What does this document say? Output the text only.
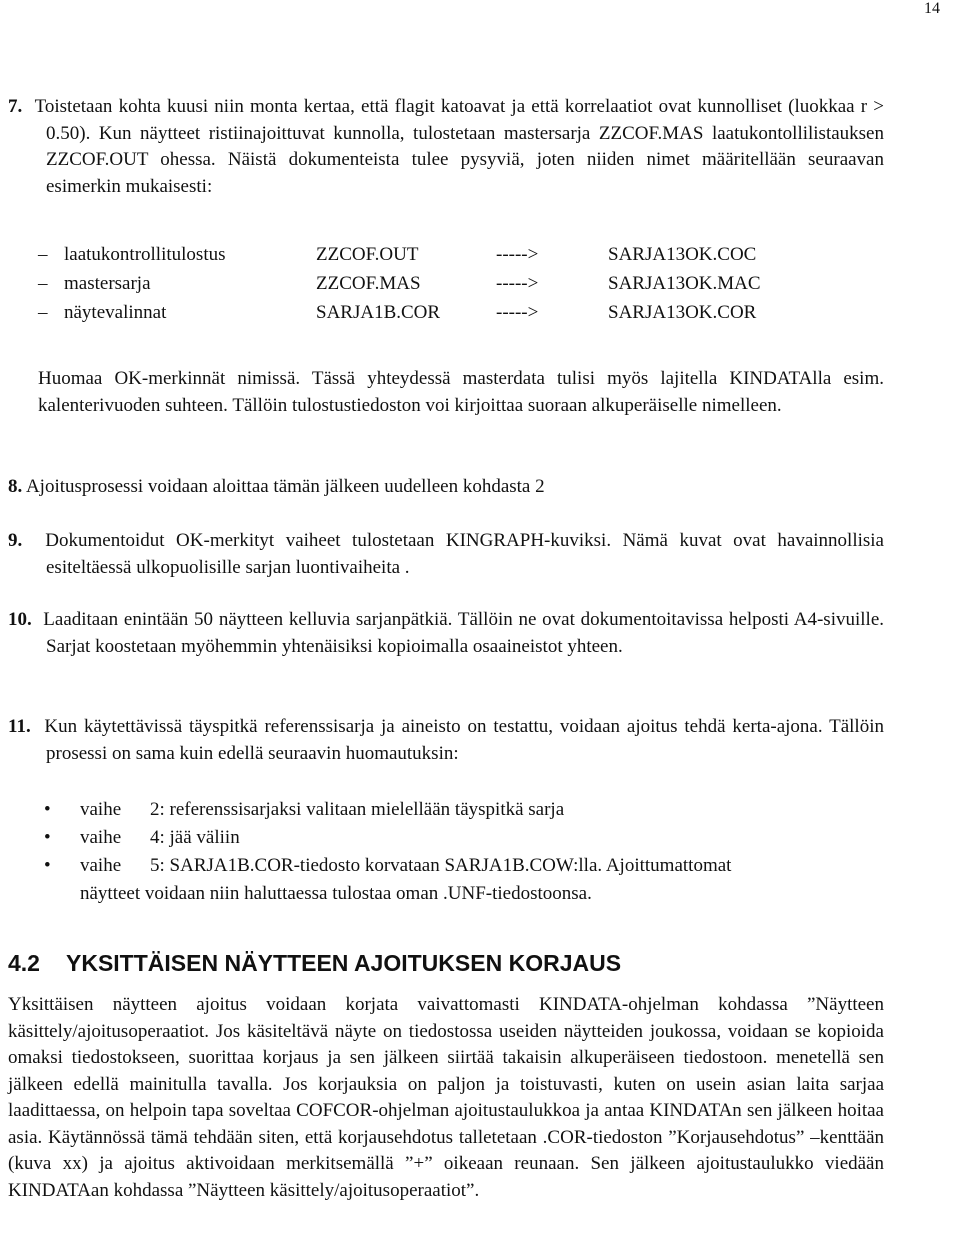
14
7. Toistetaan kohta kuusi niin monta kertaa, että flagit katoavat ja että korrelaatiot ovat kunnolliset (luokkaa r > 0.50). Kun näytteet ristiinajoittuvat kunnolla, tulostetaan mastersarja ZZCOF.MAS laatukontollilistauksen ZZCOF.OUT ohessa. Näistä dokumenteista tulee pysyviä, joten niiden nimet määritellään seuraavan esimerkin mukaisesti:
– laatukontrollitulostus	ZZCOF.OUT	----->	SARJA13OK.COC
– mastersarja	ZZCOF.MAS	----->	SARJA13OK.MAC
– näytevalinnat	SARJA1B.COR	----->	SARJA13OK.COR
Huomaa OK-merkinnät nimissä. Tässä yhteydessä masterdata tulisi myös lajitella KINDATAlla esim. kalenterivuoden suhteen. Tällöin tulostustiedoston voi kirjoittaa suoraan alkuperäiselle nimelleen.
8. Ajoitusprosessi voidaan aloittaa tämän jälkeen uudelleen kohdasta 2
9. Dokumentoidut OK-merkityt vaiheet tulostetaan KINGRAPH-kuviksi. Nämä kuvat ovat havainnollisia esiteltäessä ulkopuolisille sarjan luontivaiheita .
10. Laaditaan enintään 50 näytteen kelluvia sarjanpätkiä. Tällöin ne ovat dokumentoitavissa helposti A4-sivuille. Sarjat koostetaan myöhemmin yhtenäisiksi kopioimalla osaaineistot yhteen.
11. Kun käytettävissä täyspitkä referenssisarja ja aineisto on testattu, voidaan ajoitus tehdä kerta-ajona. Tällöin prosessi on sama kuin edellä seuraavin huomautuksin:
• vaihe 2: referenssisarjaksi valitaan mielellään täyspitkä sarja
• vaihe 4: jää väliin
• vaihe 5: SARJA1B.COR-tiedosto korvataan SARJA1B.COW:lla. Ajoittumattomat
näytteet voidaan niin haluttaessa tulostaa oman .UNF-tiedostoonsa.
4.2 YKSITTÄISEN NÄYTTEEN AJOITUKSEN KORJAUS
Yksittäisen näytteen ajoitus voidaan korjata vaivattomasti KINDATA-ohjelman kohdassa ”Näytteen käsittely/ajoitusoperaatiot. Jos käsiteltävä näyte on tiedostossa useiden näytteiden joukossa, voidaan se kopioida omaksi tiedostokseen, suorittaa korjaus ja sen jälkeen siirtää takaisin alkuperäiseen tiedostoon. menetellä sen jälkeen edellä mainitulla tavalla. Jos korjauksia on paljon ja toistuvasti, kuten on usein asian laita sarjaa laadittaessa, on helpoin tapa soveltaa COFCOR-ohjelman ajoitustaulukkoa ja antaa KINDATAn sen jälkeen hoitaa asia. Käytännössä tämä tehdään siten, että korjausehdotus talletetaan .COR-tiedoston ”Korjausehdotus” –kenttään (kuva xx) ja ajoitus aktivoidaan merkitsemällä ”+” oikeaan reunaan. Sen jälkeen ajoitustaulukko viedään KINDATAan kohdassa ”Näytteen käsittely/ajoitusoperaatiot”.
